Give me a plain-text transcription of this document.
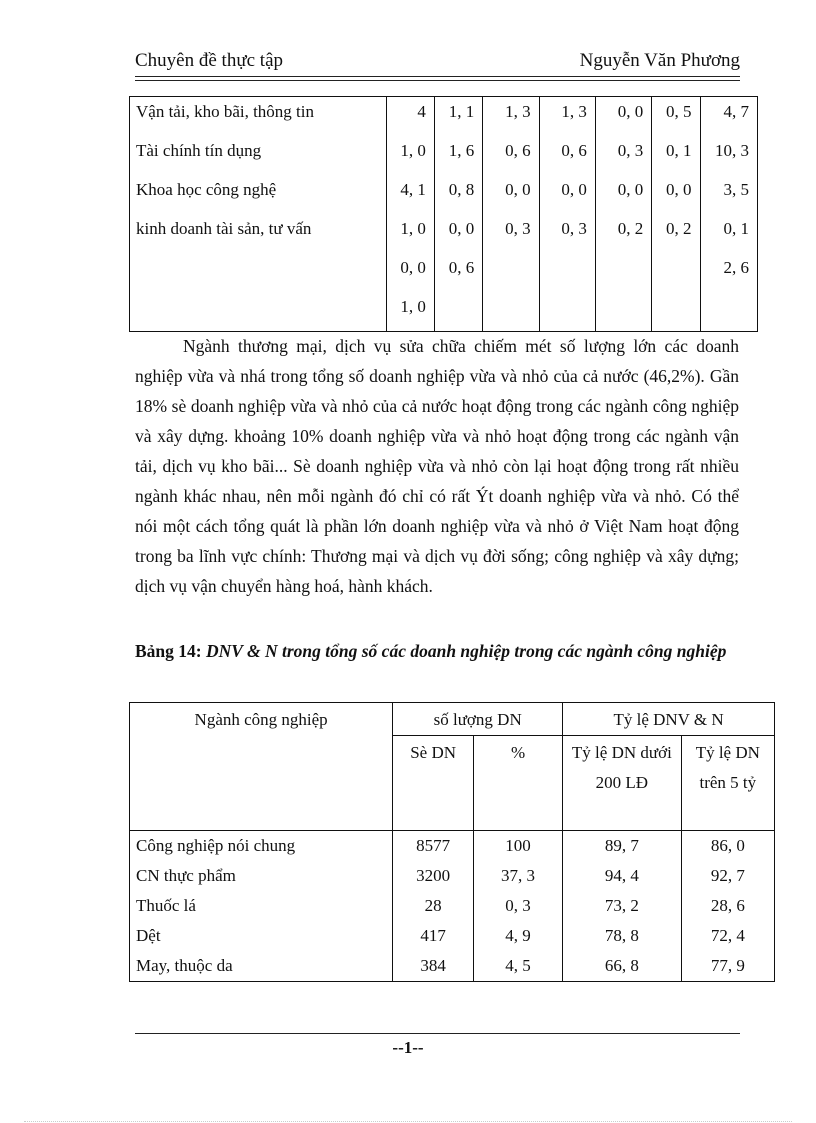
Chuyên đề thực tập	Nguyễn Văn Phương
Vận tải, kho bãi, thông tin	4	1, 1	1, 3	1, 3	0, 0	0, 5	4, 7
Tài chính tín dụng	1, 0	1, 6	0, 6	0, 6	0, 3	0, 1	10, 3
Khoa học công nghệ	4, 1	0, 8	0, 0	0, 0	0, 0	0, 0	3, 5
kinh doanh tài sản, tư vấn	1, 0	0, 0	0, 3	0, 3	0, 2	0, 2	0, 1
	0, 0	0, 6					2, 6
	1, 0						
Ngành thương mại, dịch vụ sửa chữa chiếm mét số lượng lớn các doanh nghiệp vừa và nhá trong tổng số doanh nghiệp vừa và nhỏ của cả nước (46,2%). Gần 18% sè doanh nghiệp vừa và nhỏ của cả nước hoạt động trong các ngành công nghiệp và xây dựng. khoảng 10% doanh nghiệp vừa và nhỏ hoạt động trong các ngành vận tải, dịch vụ kho bãi... Sè doanh nghiệp vừa và nhỏ còn lại hoạt động trong rất nhiều ngành khác nhau, nên mỗi ngành đó chỉ có rất Ýt doanh nghiệp vừa và nhỏ. Có thể nói một cách tổng quát là phần lớn doanh nghiệp vừa và nhỏ ở Việt Nam hoạt động trong ba lĩnh vực chính: Thương mại và dịch vụ đời sống; công nghiệp và xây dựng; dịch vụ vận chuyển hàng hoá, hành khách.
Bảng 14: DNV & N trong tổng số các doanh nghiệp trong các ngành công nghiệp
Ngành công nghiệp	số lượng DN		Tỷ lệ DNV & N	
	Sè DN	%	Tỷ lệ DN dưới 200 LĐ	Tỷ lệ DN trên 5 tỷ
Công nghiệp nói chung	8577	100	89, 7	86, 0
CN thực phẩm	3200	37, 3	94, 4	92, 7
Thuốc lá	28	0, 3	73, 2	28, 6
Dệt	417	4, 9	78, 8	72, 4
May, thuộc da	384	4, 5	66, 8	77, 9
--1--
